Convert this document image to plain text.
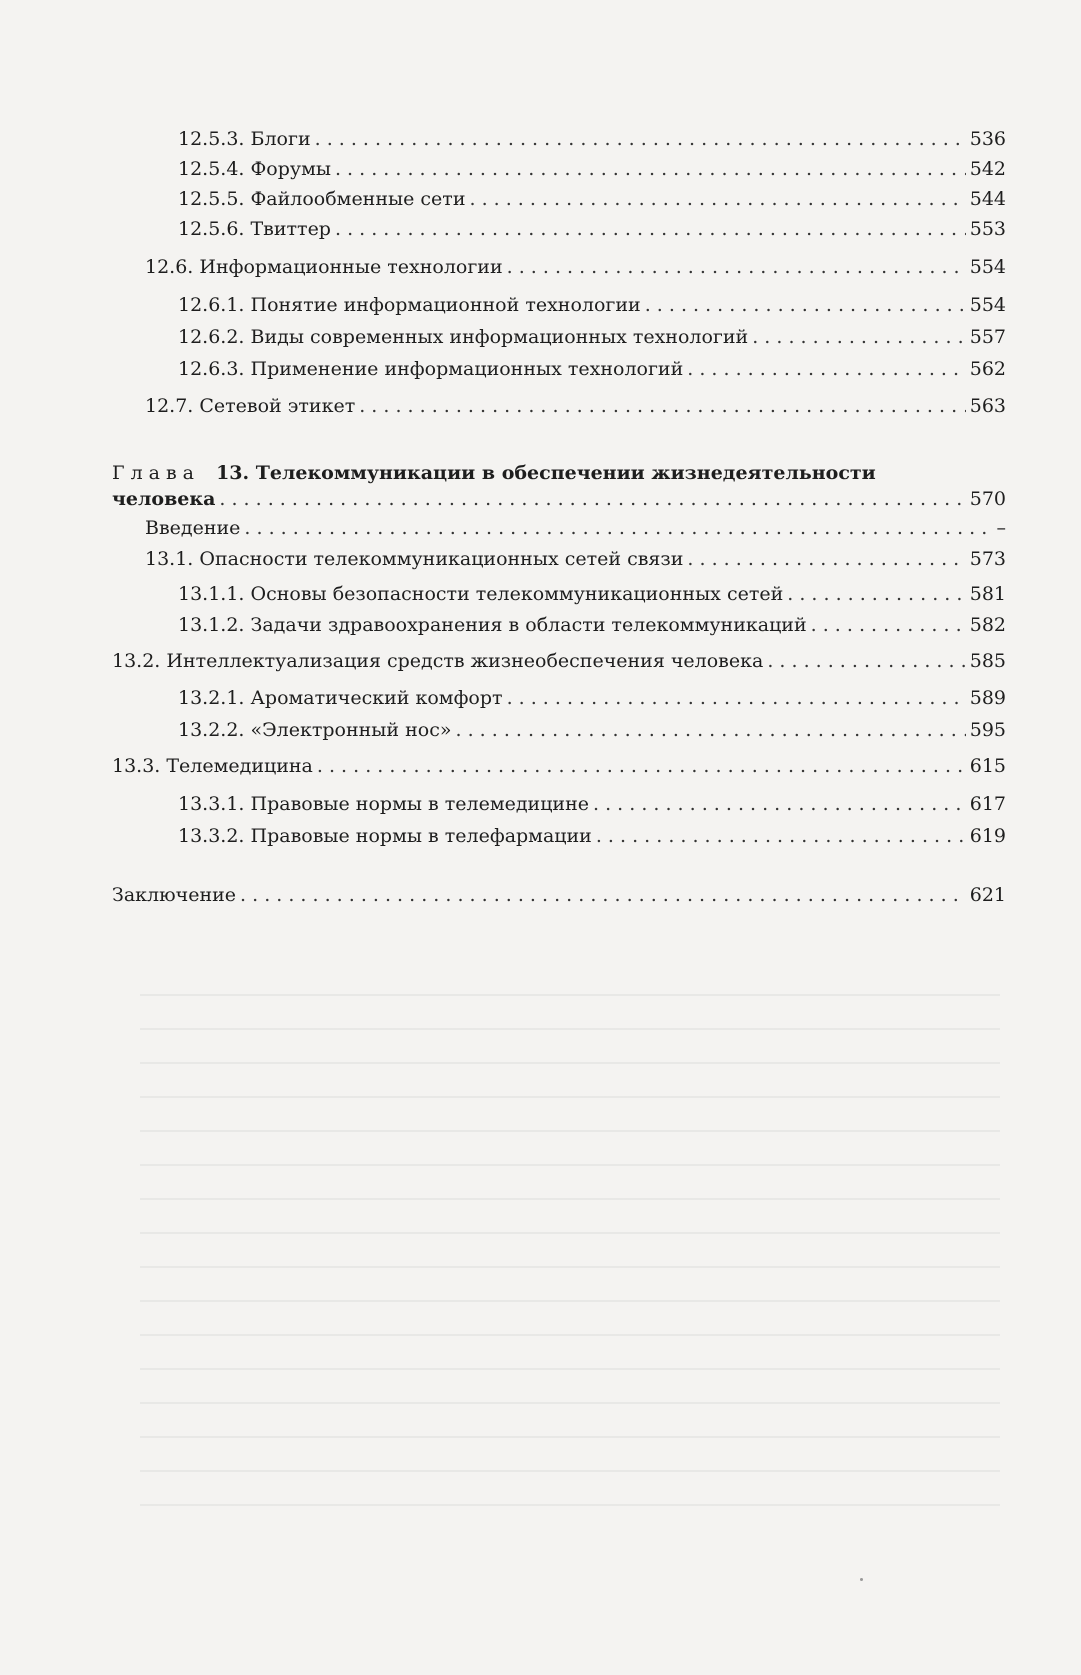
12.5.3. Блоги . . .	536
12.5.4. Форумы . . .	542
12.5.5. Файлообменные сети . . .	544
12.5.6. Твиттер . . .	553
12.6. Информационные технологии . . .	554
12.6.1. Понятие информационной технологии . . .	554
12.6.2. Виды современных информационных технологий . . .	557
12.6.3. Применение информационных технологий . . .	562
12.7. Сетевой этикет . . .	563
Глава 13. Телекоммуникации в обеспечении жизнедеятельности
человека . . .	570
Введение . . .	–
13.1. Опасности телекоммуникационных сетей связи . . .	573
13.1.1. Основы безопасности телекоммуникационных сетей . . .	581
13.1.2. Задачи здравоохранения в области телекоммуникаций . . .	582
13.2. Интеллектуализация средств жизнеобеспечения человека . . .	585
13.2.1. Ароматический комфорт . . .	589
13.2.2. «Электронный нос» . . .	595
13.3. Телемедицина . . .	615
13.3.1. Правовые нормы в телемедицине . . .	617
13.3.2. Правовые нормы в телефармации . . .	619
Заключение . . .	621
